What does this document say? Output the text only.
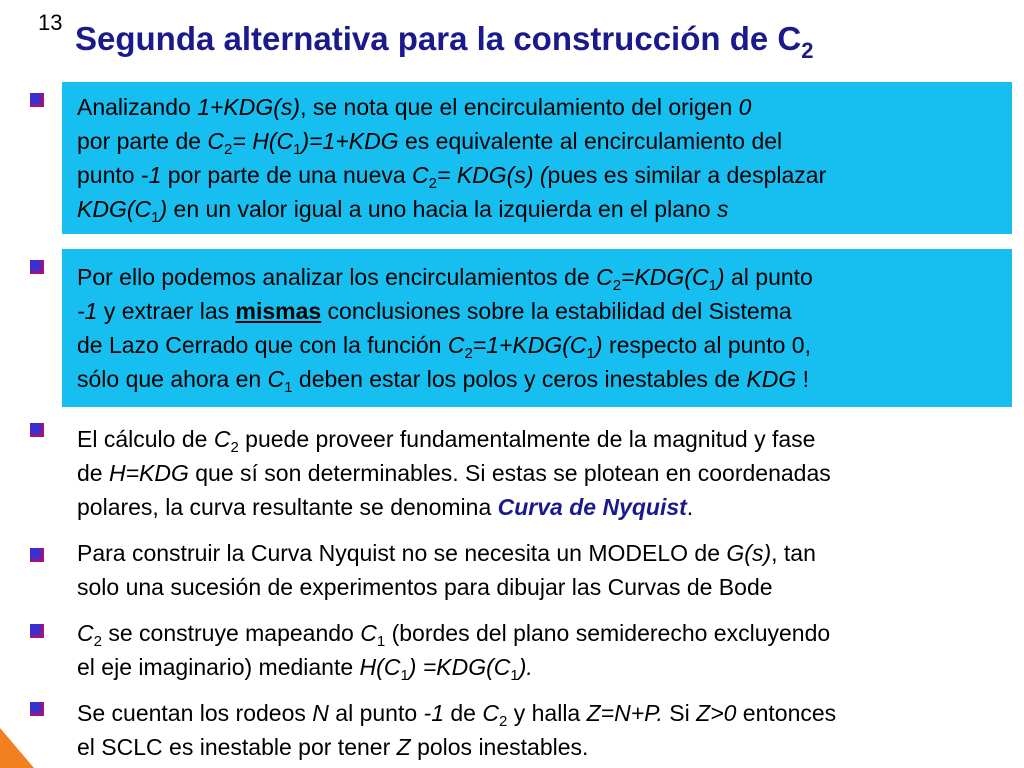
13 Segunda alternativa para la construcción de $C_2$
Analizando 1+KDG(s), se nota que el encirculamiento del origen 0
por parte de $C_2= H(C_1)=1+KDG$ es equivalente al encirculamiento del
punto -1 por parte de una nueva $C_2= KDG(s)$ (pues es similar a desplazar
$KDG(C_1)$ en un valor igual a uno hacia la izquierda en el plano s
Por ello podemos analizar los encirculamientos de $C_2=KDG(C_1)$ al punto
-1 y extraer las mismas conclusiones sobre la estabilidad del Sistema
de Lazo Cerrado que con la función $C_2=1+KDG(C_1)$ respecto al punto 0,
sólo que ahora en $C_1$ deben estar los polos y ceros inestables de KDG !
El cálculo de $C_2$ puede proveer fundamentalmente de la magnitud y fase
de H=KDG que sí son determinables. Si estas se plotean en coordenadas
polares, la curva resultante se denomina Curva de Nyquist.
Para construir la Curva Nyquist no se necesita un MODELO de G(s), tan
solo una sucesión de experimentos para dibujar las Curvas de Bode
$C_2$ se construye mapeando $C_1$ (bordes del plano semiderecho excluyendo
el eje imaginario) mediante $H(C_1) =KDG(C_1)$.
Se cuentan los rodeos N al punto -1 de $C_2$ y halla Z=N+P. Si Z>0 entonces
el SCLC es inestable por tener Z polos inestables.
